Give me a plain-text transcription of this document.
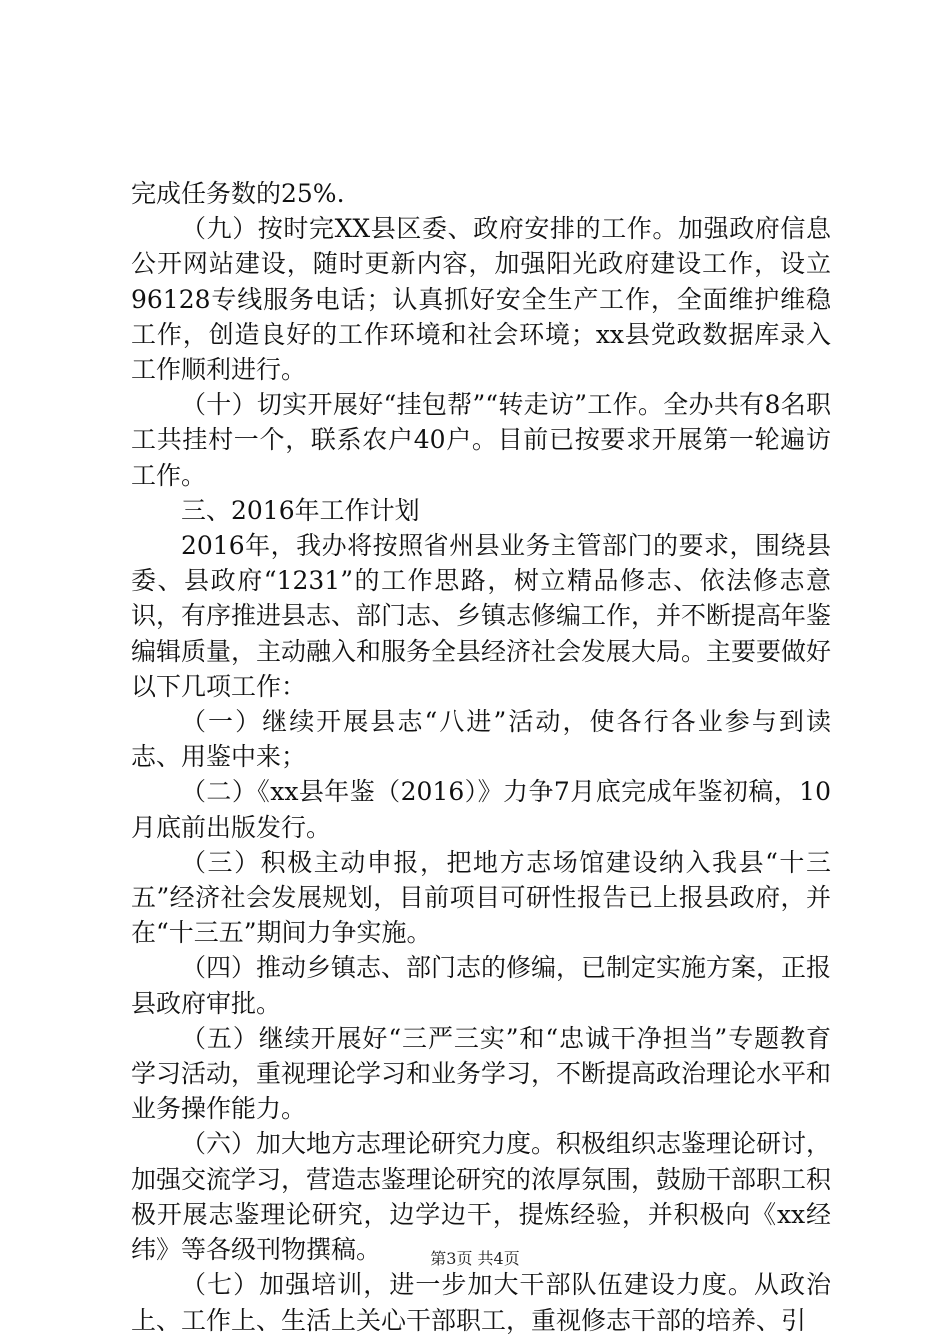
完成任务数的25%.

（九）按时完XX县区委、政府安排的工作。加强政府信息公开网站建设，随时更新内容，加强阳光政府建设工作，设立96128专线服务电话；认真抓好安全生产工作，全面维护维稳工作，创造良好的工作环境和社会环境；xx县党政数据库录入工作顺利进行。

（十）切实开展好“挂包帮”“转走访”工作。全办共有8名职工共挂村一个，联系农户40户。目前已按要求开展第一轮遍访工作。

三、2016年工作计划

2016年，我办将按照省州县业务主管部门的要求，围绕县委、县政府“1231”的工作思路，树立精品修志、依法修志意识，有序推进县志、部门志、乡镇志修编工作，并不断提高年鉴编辑质量，主动融入和服务全县经济社会发展大局。主要要做好以下几项工作：

（一）继续开展县志“八进”活动，使各行各业参与到读志、用鉴中来；

（二）《xx县年鉴（2016）》力争7月底完成年鉴初稿，10月底前出版发行。

（三）积极主动申报，把地方志场馆建设纳入我县“十三五”经济社会发展规划，目前项目可研性报告已上报县政府，并在“十三五”期间力争实施。

（四）推动乡镇志、部门志的修编，已制定实施方案，正报县政府审批。

（五）继续开展好“三严三实”和“忠诚干净担当”专题教育学习活动，重视理论学习和业务学习，不断提高政治理论水平和业务操作能力。

（六）加大地方志理论研究力度。积极组织志鉴理论研讨，加强交流学习，营造志鉴理论研究的浓厚氛围，鼓励干部职工积极开展志鉴理论研究，边学边干，提炼经验，并积极向《xx经纬》等各级刊物撰稿。

（七）加强培训，进一步加大干部队伍建设力度。从政治上、工作上、生活上关心干部职工，重视修志干部的培养、引

第3页 共4页
